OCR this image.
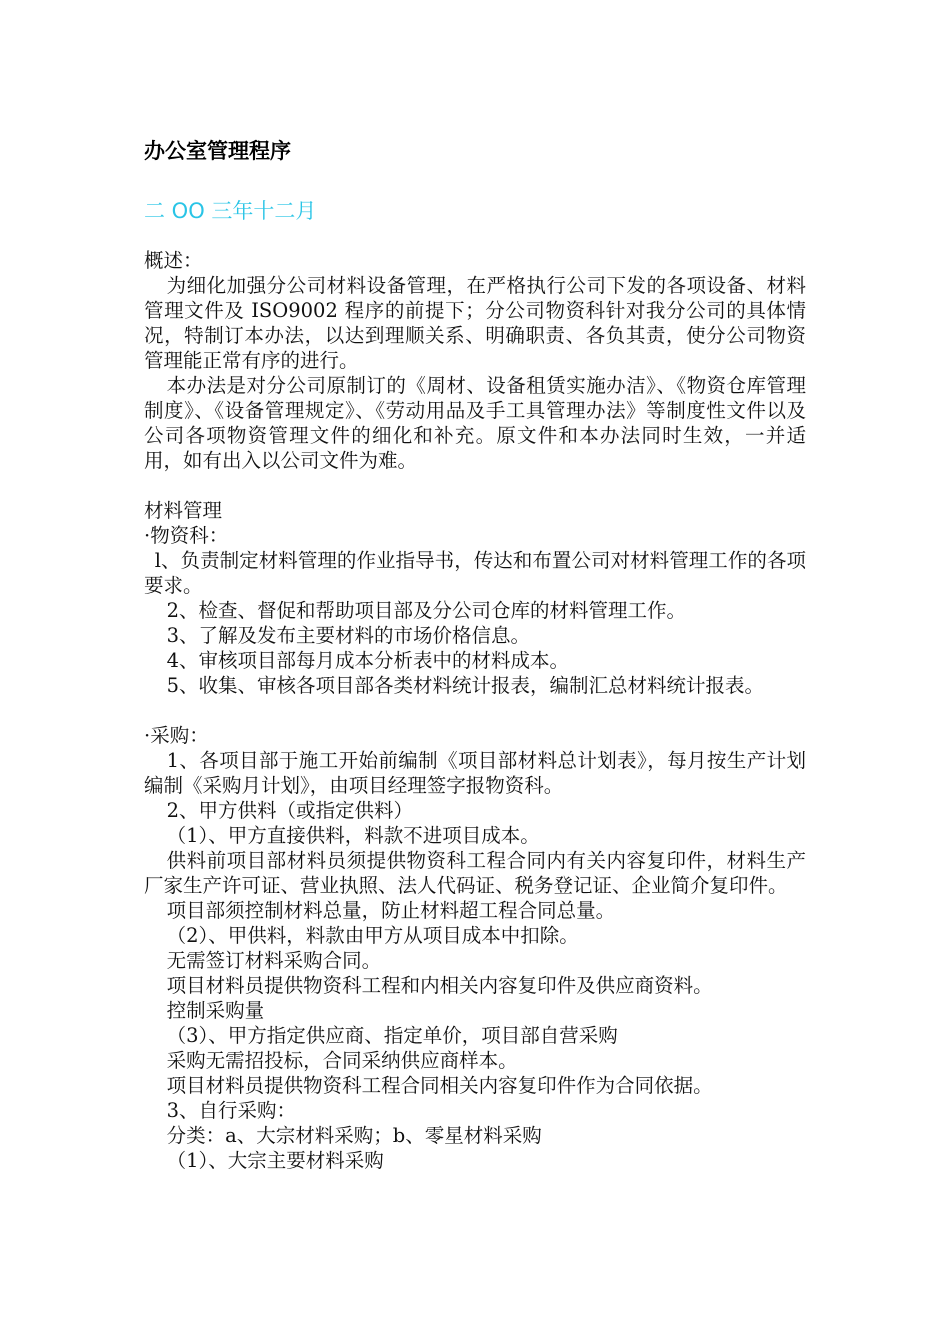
办公室管理程序
二 OO 三年十二月

概述：

为细化加强分公司材料设备管理，在严格执行公司下发的各项设备、材料管理文件及 ISO9002 程序的前提下；分公司物资科针对我分公司的具体情况，特制订本办法，以达到理顺关系、明确职责、各负其责，使分公司物资管理能正常有序的进行。

本办法是对分公司原制订的《周材、设备租赁实施办洁》、《物资仓库管理制度》、《设备管理规定》、《劳动用品及手工具管理办法》等制度性文件以及公司各项物资管理文件的细化和补充。原文件和本办法同时生效，一并适用，如有出入以公司文件为难。

材料管理

·物资科：

l、负责制定材料管理的作业指导书，传达和布置公司对材料管理工作的各项要求。

2、检查、督促和帮助项目部及分公司仓库的材料管理工作。

3、了解及发布主要材料的市场价格信息。

4、审核项目部每月成本分析表中的材料成本。

5、收集、审核各项目部各类材料统计报表，编制汇总材料统计报表。

·采购：

1、各项目部于施工开始前编制《项目部材料总计划表》，每月按生产计划编制《采购月计划》，由项目经理签字报物资科。

2、甲方供料（或指定供料）

（1）、甲方直接供料，料款不进项目成本。

供料前项目部材料员须提供物资科工程合同内有关内容复印件，材料生产厂家生产许可证、营业执照、法人代码证、税务登记证、企业简介复印件。

项目部须控制材料总量，防止材料超工程合同总量。

（2）、甲供料，料款由甲方从项目成本中扣除。

无需签订材料采购合同。

项目材料员提供物资科工程和内相关内容复印件及供应商资料。

控制采购量

（3）、甲方指定供应商、指定单价，项目部自营采购

采购无需招投标，合同采纳供应商样本。

项目材料员提供物资科工程合同相关内容复印件作为合同依据。

3、自行采购：

分类：a、大宗材料采购；b、零星材料采购

（1）、大宗主要材料采购
